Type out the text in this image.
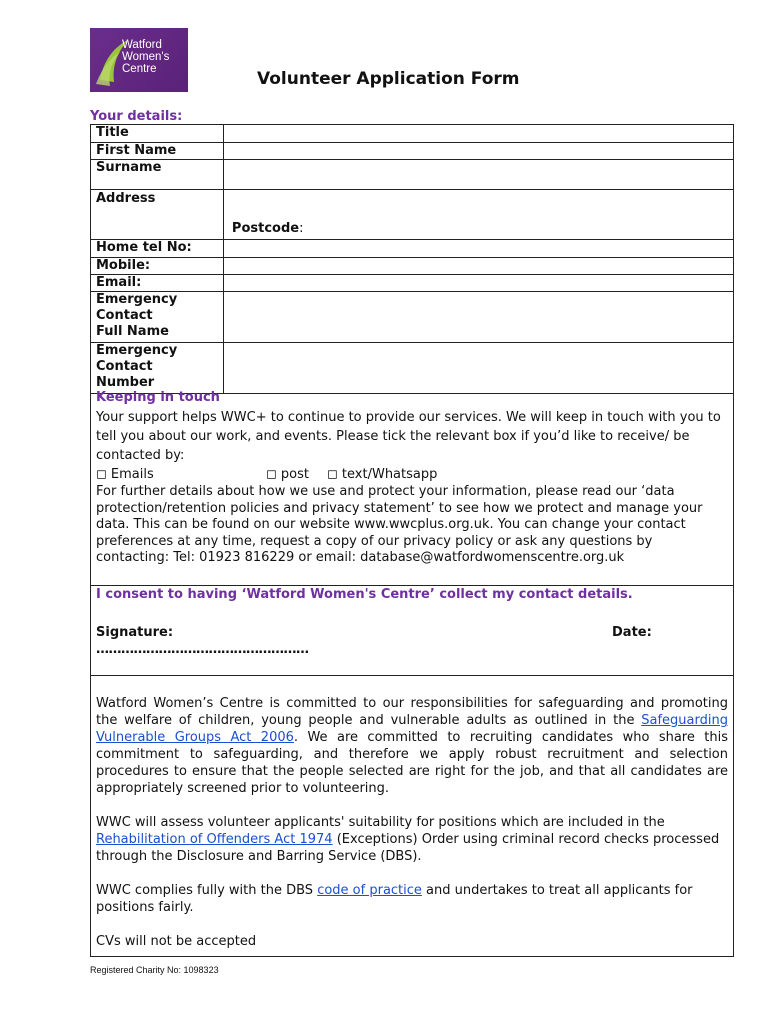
Watford
Women's
Centre	Volunteer Application Form
Your details:
Title	
First Name	
Surname	
Address	Postcode:

Home tel No:	
Mobile:	
Email:	

Emergency
Contact
Full Name	

Emergency
Contact
Number	

Keeping in touch
Your support helps WWC+ to continue to provide our services. We will keep in touch with you to tell you about our work, and events. Please tick the relevant box if you’d like to receive/ be contacted by:
◻ Emails	◻ post ◻ text/Whatsapp
For further details about how we use and protect your information, please read our ‘data protection/retention policies and privacy statement’ to see how we protect and manage your data. This can be found on our website www.wwcplus.org.uk. You can change your contact preferences at any time, request a copy of our privacy policy or ask any questions by contacting: Tel: 01923 816229 or email: database@watfordwomenscentre.org.uk
I consent to having ‘Watford Women's Centre’ collect my contact details.
Signature:	Date:
……………………………………………
Watford Women’s Centre is committed to our responsibilities for safeguarding and promoting the welfare of children, young people and vulnerable adults as outlined in the Safeguarding Vulnerable Groups Act 2006. We are committed to recruiting candidates who share this commitment to safeguarding, and therefore we apply robust recruitment and selection procedures to ensure that the people selected are right for the job, and that all candidates are appropriately screened prior to volunteering.
WWC will assess volunteer applicants' suitability for positions which are included in the Rehabilitation of Offenders Act 1974 (Exceptions) Order using criminal record checks processed through the Disclosure and Barring Service (DBS).
WWC complies fully with the DBS code of practice and undertakes to treat all applicants for positions fairly.
CVs will not be accepted
Registered Charity No: 1098323
